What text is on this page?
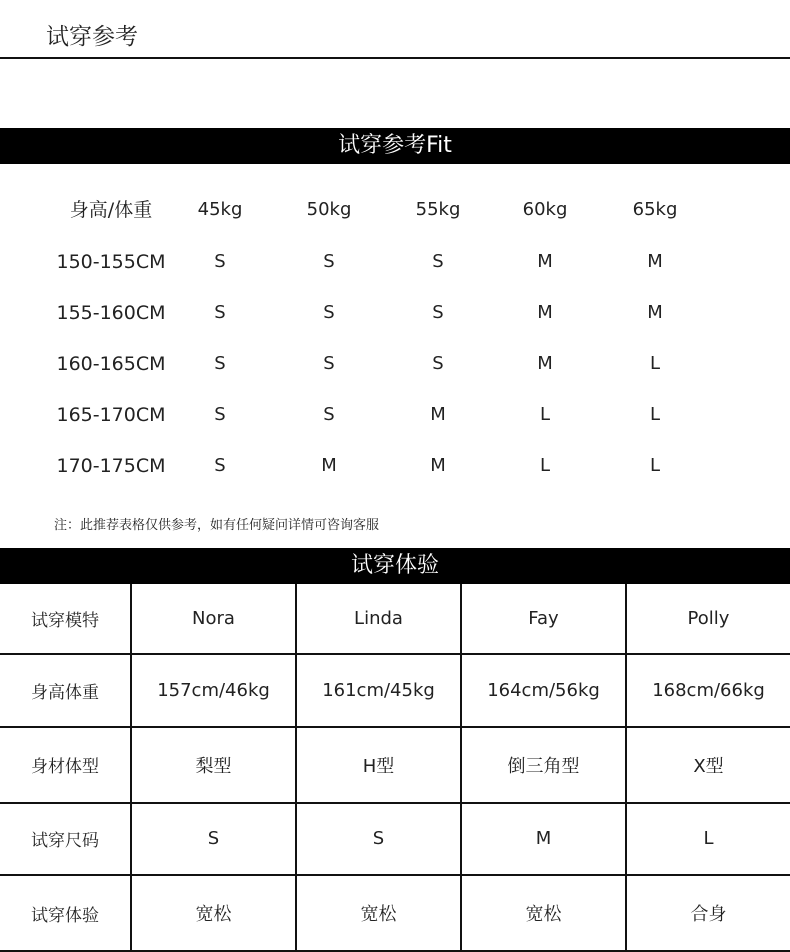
试穿参考
试穿参考Fit
身高/体重	45kg	50kg	55kg	60kg	65kg
150-155CM	S	S	S	M	M
155-160CM	S	S	S	M	M
160-165CM	S	S	S	M	L
165-170CM	S	S	M	L	L
170-175CM	S	M	M	L	L
注：此推荐表格仅供参考，如有任何疑问详情可咨询客服
试穿体验
试穿模特	Nora	Linda	Fay	Polly
身高体重	157cm/46kg	161cm/45kg	164cm/56kg	168cm/66kg
身材体型	梨型	H型	倒三角型	X型
试穿尺码	S	S	M	L
试穿体验	宽松	宽松	宽松	合身
